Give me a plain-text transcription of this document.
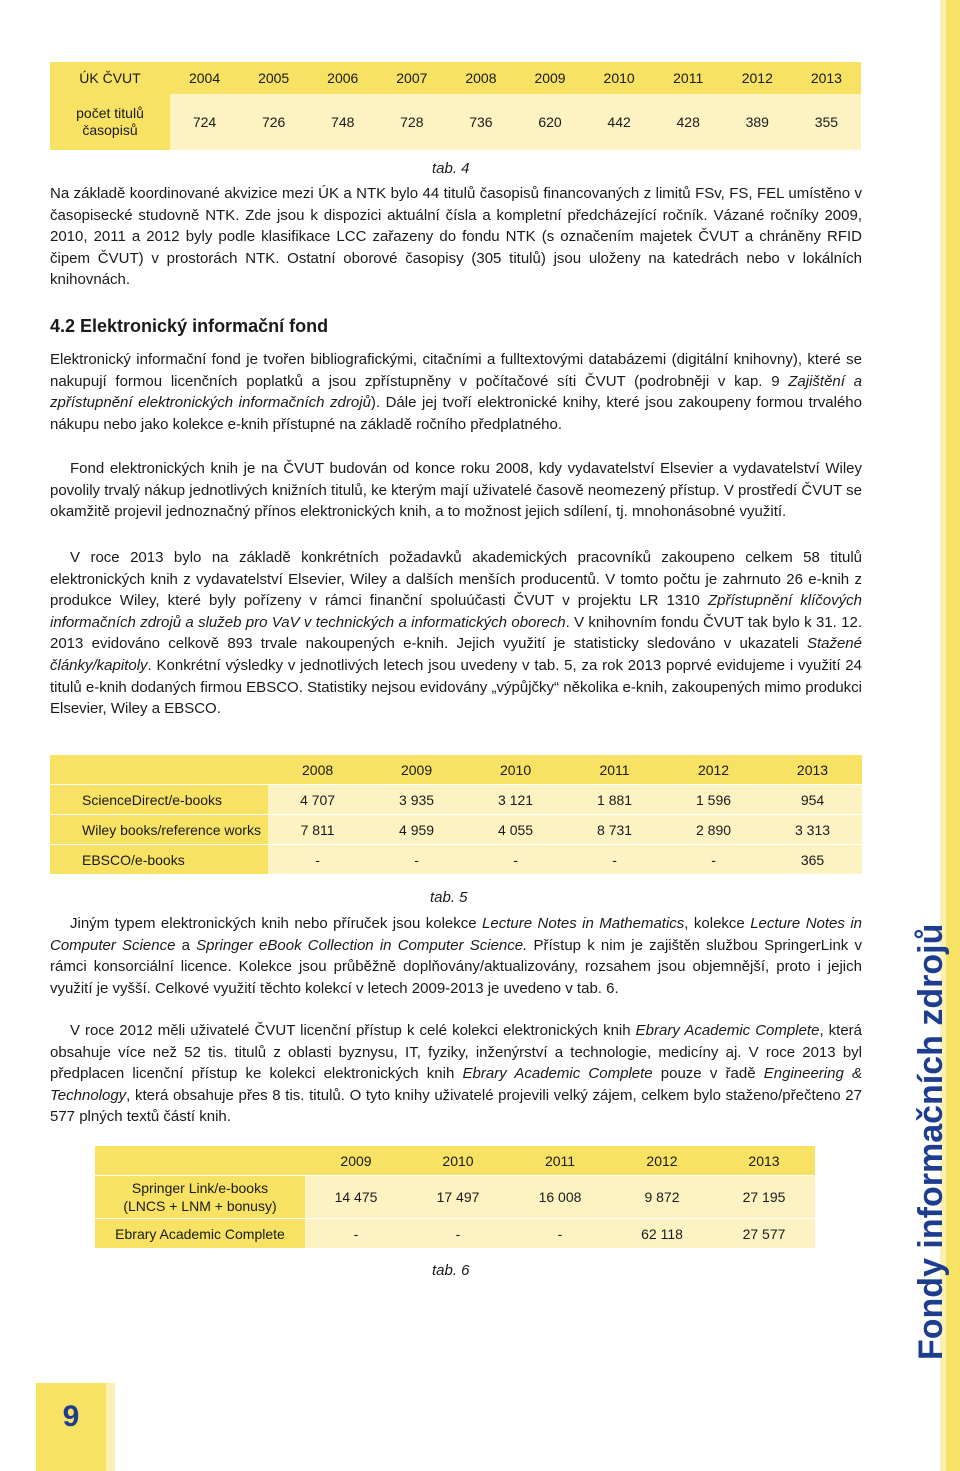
Fondy informačních zdrojů
ÚK ČVUT	2004	2005	2006	2007	2008	2009	2010	2011	2012	2013
počet titulů
časopisů	724	726	748	728	736	620	442	428	389	355
tab. 4

Na základě koordinované akvizice mezi ÚK a NTK bylo 44 titulů časopisů financovaných z limitů FSv, FS, FEL umístěno v časopisecké studovně NTK. Zde jsou k dispozici aktuální čísla a kompletní předcházející ročník. Vázané ročníky 2009, 2010, 2011 a 2012 byly podle klasifikace LCC zařazeny do fondu NTK (s označením majetek ČVUT a chráněny RFID čipem ČVUT) v prostorách NTK. Ostatní oborové časopisy (305 titulů) jsou uloženy na katedrách nebo v lokálních knihovnách.

4.2 Elektronický informační fond

Elektronický informační fond je tvořen bibliografickými, citačními a fulltextovými databázemi (digitální knihovny), které se nakupují formou licenčních poplatků a jsou zpřístupněny v počítačové síti ČVUT (podrobněji v kap. 9 Zajištění a zpřístupnění elektronických informačních zdrojů). Dále jej tvoří elektronické knihy, které jsou zakoupeny formou trvalého nákupu nebo jako kolekce e-knih přístupné na základě ročního předplatného.

Fond elektronických knih je na ČVUT budován od konce roku 2008, kdy vydavatelství Elsevier a vydavatelství Wiley povolily trvalý nákup jednotlivých knižních titulů, ke kterým mají uživatelé časově neomezený přístup. V prostředí ČVUT se okamžitě projevil jednoznačný přínos elektronických knih, a to možnost jejich sdílení, tj. mnohonásobné využití.

V roce 2013 bylo na základě konkrétních požadavků akademických pracovníků zakoupeno celkem 58 titulů elektronických knih z vydavatelství Elsevier, Wiley a dalších menších producentů. V tomto počtu je zahrnuto 26 e-knih z produkce Wiley, které byly pořízeny v rámci finanční spoluúčasti ČVUT v projektu LR 1310 Zpřístupnění klíčových informačních zdrojů a služeb pro VaV v technických a informatických oborech. V knihovním fondu ČVUT tak bylo k 31. 12. 2013 evidováno celkově 893 trvale nakoupených e-knih. Jejich využití je statisticky sledováno v ukazateli Stažené články/kapitoly. Konkrétní výsledky v jednotlivých letech jsou uvedeny v tab. 5, za rok 2013 poprvé evidujeme i využití 24 titulů e-knih dodaných firmou EBSCO. Statistiky nejsou evidovány „výpůjčky“ několika e-knih, zakoupených mimo produkci Elsevier, Wiley a EBSCO.

2008	2009	2010	2011	2012	2013
ScienceDirect/e-books	4 707	3 935	3 121	1 881	1 596	954
Wiley books/reference works	7 811	4 959	4 055	8 731	2 890	3 313
EBSCO/e-books	-	-	-	-	-	365
tab. 5

Jiným typem elektronických knih nebo příruček jsou kolekce Lecture Notes in Mathematics, kolekce Lecture Notes in Computer Science a Springer eBook Collection in Computer Science. Přístup k nim je zajištěn službou SpringerLink v rámci konsorciální licence. Kolekce jsou průběžně doplňovány/aktualizovány, rozsahem jsou objemnější, proto i jejich využití je vyšší. Celkové využití těchto kolekcí v letech 2009-2013 je uvedeno v tab. 6.

V roce 2012 měli uživatelé ČVUT licenční přístup k celé kolekci elektronických knih Ebrary Academic Complete, která obsahuje více než 52 tis. titulů z oblasti byznysu, IT, fyziky, inženýrství a technologie, medicíny aj. V roce 2013 byl předplacen licenční přístup ke kolekci elektronických knih Ebrary Academic Complete pouze v řadě Engineering & Technology, která obsahuje přes 8 tis. titulů. O tyto knihy uživatelé projevili velký zájem, celkem bylo staženo/přečteno 27 577 plných textů částí knih.

2009	2010	2011	2012	2013
Springer Link/e-books
(LNCS + LNM + bonusy)
14 475	17 497	16 008	9 872	27 195
Ebrary Academic Complete	-	-	-	62 118	27 577
tab. 6
9
